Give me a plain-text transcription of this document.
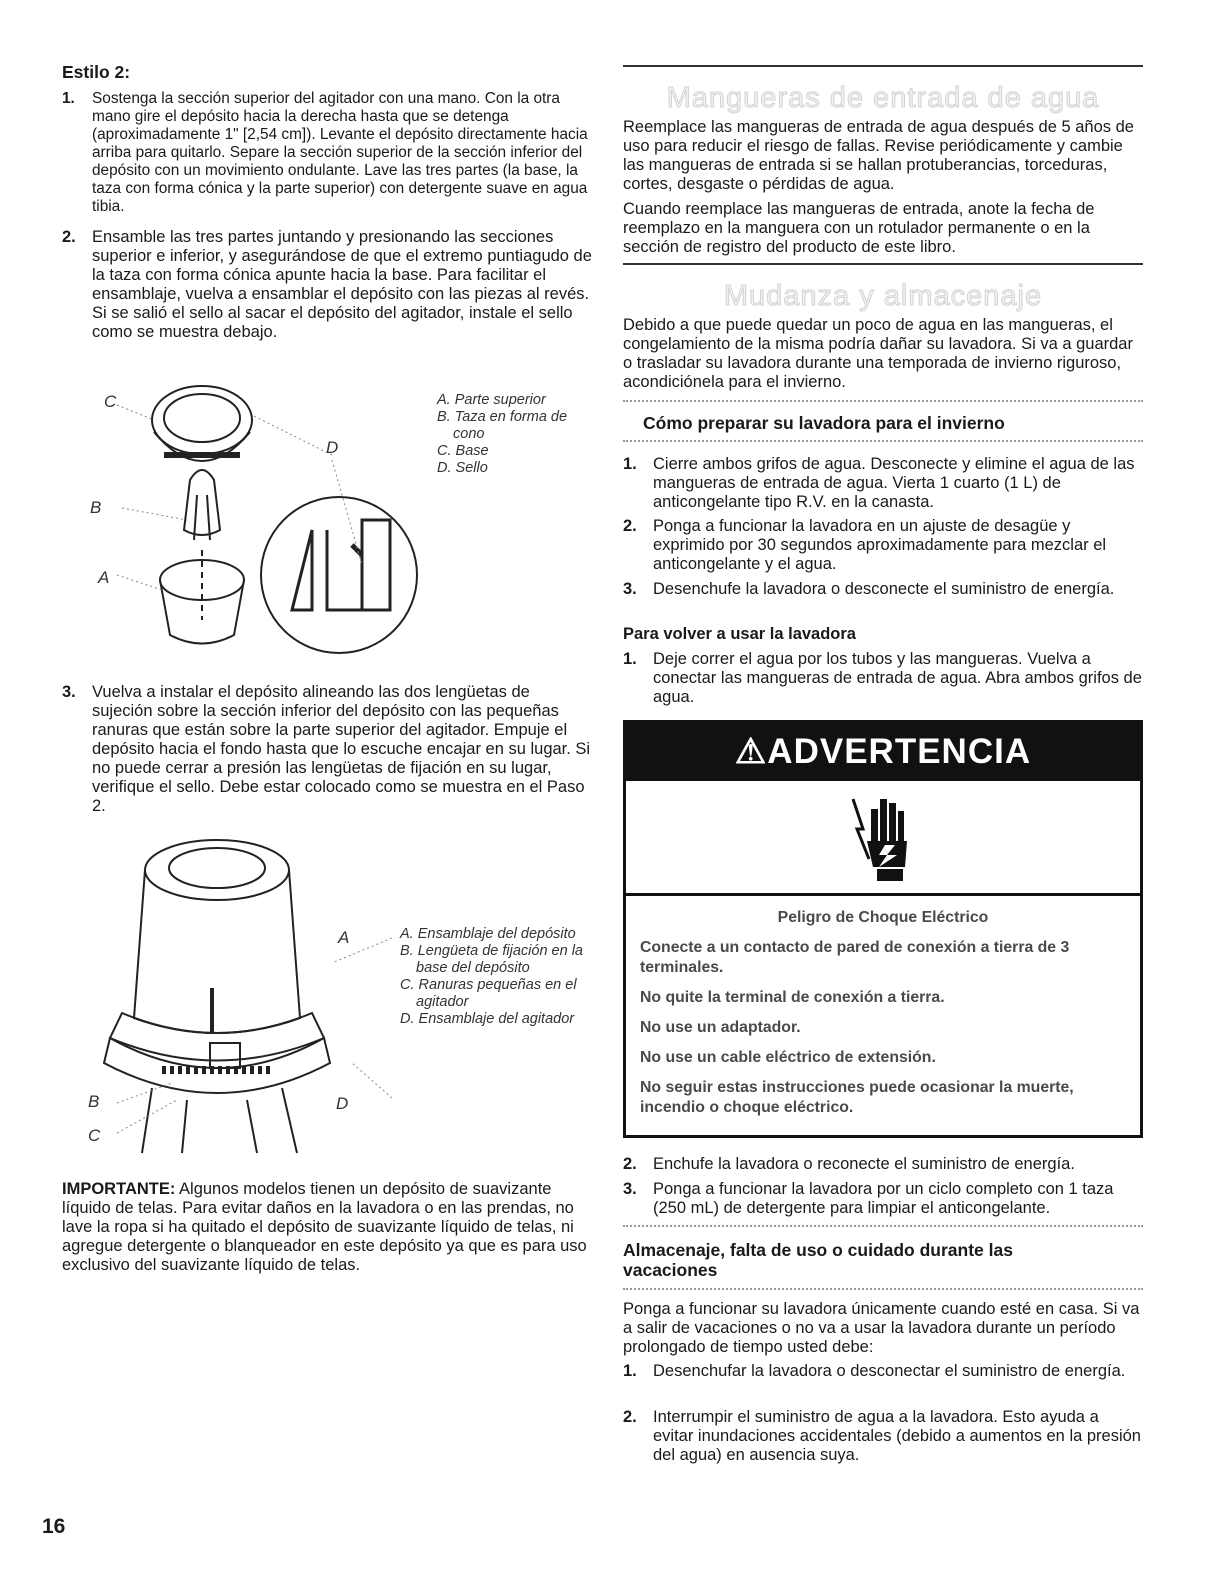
Estilo 2:
1. Sostenga la sección superior del agitador con una mano. Con la otra mano gire el depósito hacia la derecha hasta que se detenga (aproximadamente 1" [2,54 cm]). Levante el depósito directamente hacia arriba para quitarlo. Separe la sección superior de la sección inferior del depósito con un movimiento ondulante. Lave las tres partes (la base, la taza con forma cónica y la parte superior) con detergente suave en agua tibia.
2. Ensamble las tres partes juntando y presionando las secciones superior e inferior, y asegurándose de que el extremo puntiagudo de la taza con forma cónica apunte hacia la base. Para facilitar el ensamblaje, vuelva a ensamblar el depósito con las piezas al revés. Si se salió el sello al sacar el depósito del agitador, instale el sello como se muestra debajo.
C
D
B
A
A. Parte superior
B. Taza en forma de cono
C. Base
D. Sello
3. Vuelva a instalar el depósito alineando las dos lengüetas de sujeción sobre la sección inferior del depósito con las pequeñas ranuras que están sobre la parte superior del agitador. Empuje el depósito hacia el fondo hasta que lo escuche encajar en su lugar. Si no puede cerrar a presión las lengüetas de fijación en su lugar, verifique el sello. Debe estar colocado como se muestra en el Paso 2.
A
B	D
C
A. Ensamblaje del depósito
B. Lengüeta de fijación en la base del depósito
C. Ranuras pequeñas en el agitador
D. Ensamblaje del agitador
IMPORTANTE: Algunos modelos tienen un depósito de suavizante líquido de telas. Para evitar daños en la lavadora o en las prendas, no lave la ropa si ha quitado el depósito de suavizante líquido de telas, ni agregue detergente o blanqueador en este depósito ya que es para uso exclusivo del suavizante líquido de telas.
Mangueras de entrada de agua
Reemplace las mangueras de entrada de agua después de 5 años de uso para reducir el riesgo de fallas. Revise periódicamente y cambie las mangueras de entrada si se hallan protuberancias, torceduras, cortes, desgaste o pérdidas de agua.
Cuando reemplace las mangueras de entrada, anote la fecha de reemplazo en la manguera con un rotulador permanente o en la sección de registro del producto de este libro.
Mudanza y almacenaje
Debido a que puede quedar un poco de agua en las mangueras, el congelamiento de la misma podría dañar su lavadora. Si va a guardar o trasladar su lavadora durante una temporada de invierno riguroso, acondiciónela para el invierno.
Cómo preparar su lavadora para el invierno
1. Cierre ambos grifos de agua. Desconecte y elimine el agua de las mangueras de entrada de agua. Vierta 1 cuarto (1 L) de anticongelante tipo R.V. en la canasta.
2. Ponga a funcionar la lavadora en un ajuste de desagüe y exprimido por 30 segundos aproximadamente para mezclar el anticongelante y el agua.
3. Desenchufe la lavadora o desconecte el suministro de energía.
Para volver a usar la lavadora
1. Deje correr el agua por los tubos y las mangueras. Vuelva a conectar las mangueras de entrada de agua. Abra ambos grifos de agua.
⚠ADVERTENCIA
Peligro de Choque Eléctrico
Conecte a un contacto de pared de conexión a tierra de 3 terminales.
No quite la terminal de conexión a tierra.
No use un adaptador.
No use un cable eléctrico de extensión.
No seguir estas instrucciones puede ocasionar la muerte, incendio o choque eléctrico.
2. Enchufe la lavadora o reconecte el suministro de energía.
3. Ponga a funcionar la lavadora por un ciclo completo con 1 taza (250 mL) de detergente para limpiar el anticongelante.
Almacenaje, falta de uso o cuidado durante las vacaciones
Ponga a funcionar su lavadora únicamente cuando esté en casa. Si va a salir de vacaciones o no va a usar la lavadora durante un período prolongado de tiempo usted debe:
1. Desenchufar la lavadora o desconectar el suministro de energía.
2. Interrumpir el suministro de agua a la lavadora. Esto ayuda a evitar inundaciones accidentales (debido a aumentos en la presión del agua) en ausencia suya.
16
